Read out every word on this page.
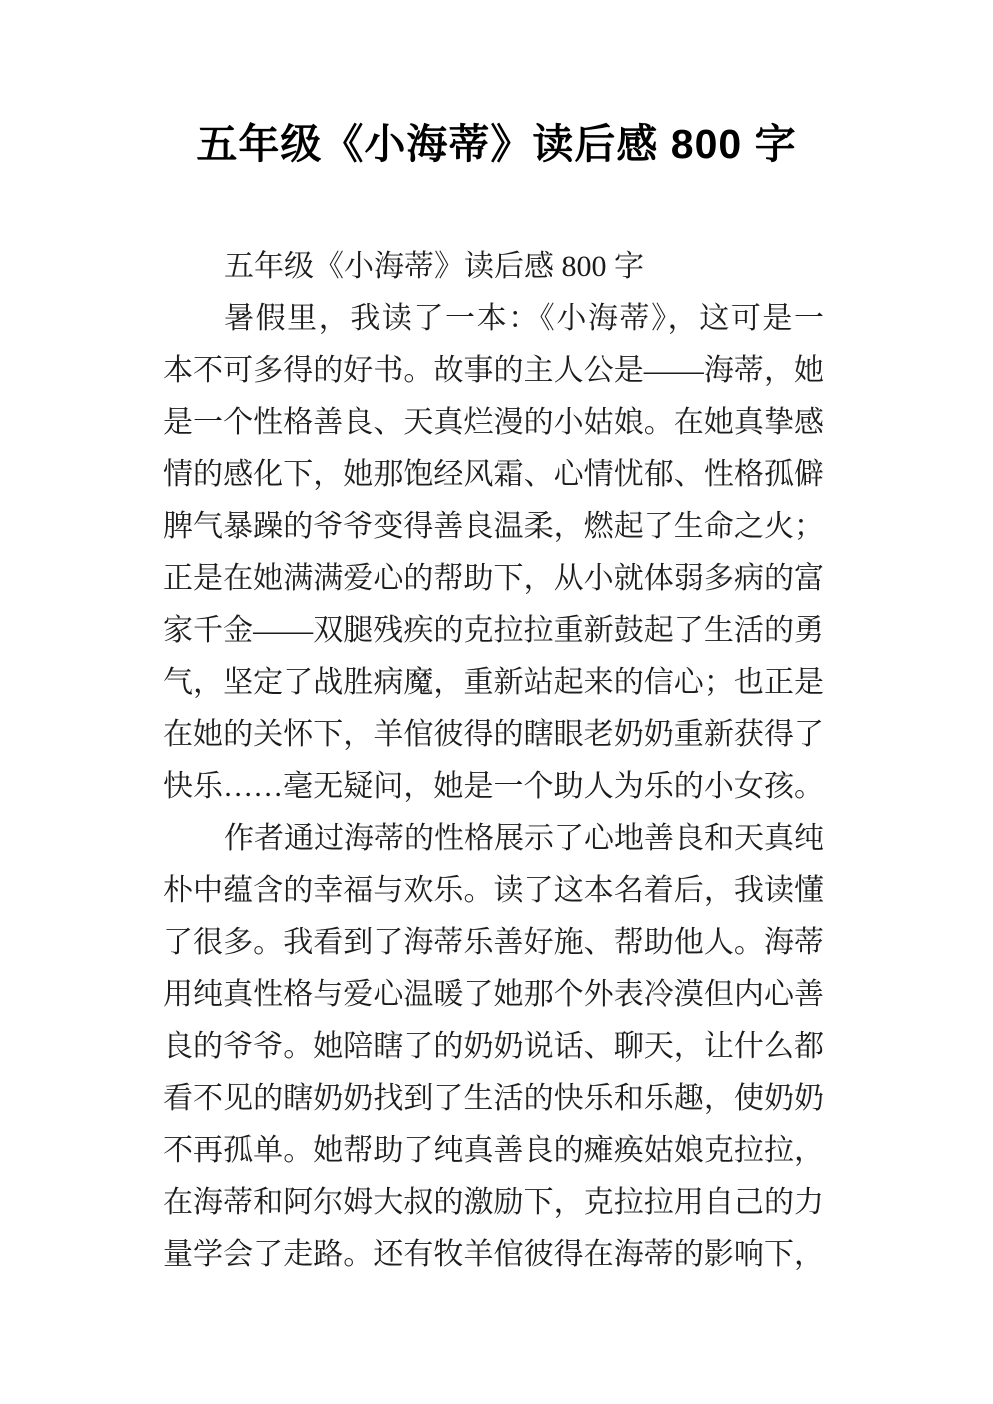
五年级《小海蒂》读后感 800 字
五年级《小海蒂》读后感 800 字
暑假里，我读了一本：《小海蒂》，这可是一
本不可多得的好书。故事的主人公是——海蒂，她
是一个性格善良、天真烂漫的小姑娘。在她真挚感
情的感化下，她那饱经风霜、心情忧郁、性格孤僻
脾气暴躁的爷爷变得善良温柔，燃起了生命之火；
正是在她满满爱心的帮助下，从小就体弱多病的富
家千金——双腿残疾的克拉拉重新鼓起了生活的勇
气，坚定了战胜病魔，重新站起来的信心；也正是
在她的关怀下，羊倌彼得的瞎眼老奶奶重新获得了
快乐……毫无疑问，她是一个助人为乐的小女孩。
作者通过海蒂的性格展示了心地善良和天真纯
朴中蕴含的幸福与欢乐。读了这本名着后，我读懂
了很多。我看到了海蒂乐善好施、帮助他人。海蒂
用纯真性格与爱心温暖了她那个外表冷漠但内心善
良的爷爷。她陪瞎了的奶奶说话、聊天，让什么都
看不见的瞎奶奶找到了生活的快乐和乐趣，使奶奶
不再孤单。她帮助了纯真善良的瘫痪姑娘克拉拉，
在海蒂和阿尔姆大叔的激励下，克拉拉用自己的力
量学会了走路。还有牧羊倌彼得在海蒂的影响下，
